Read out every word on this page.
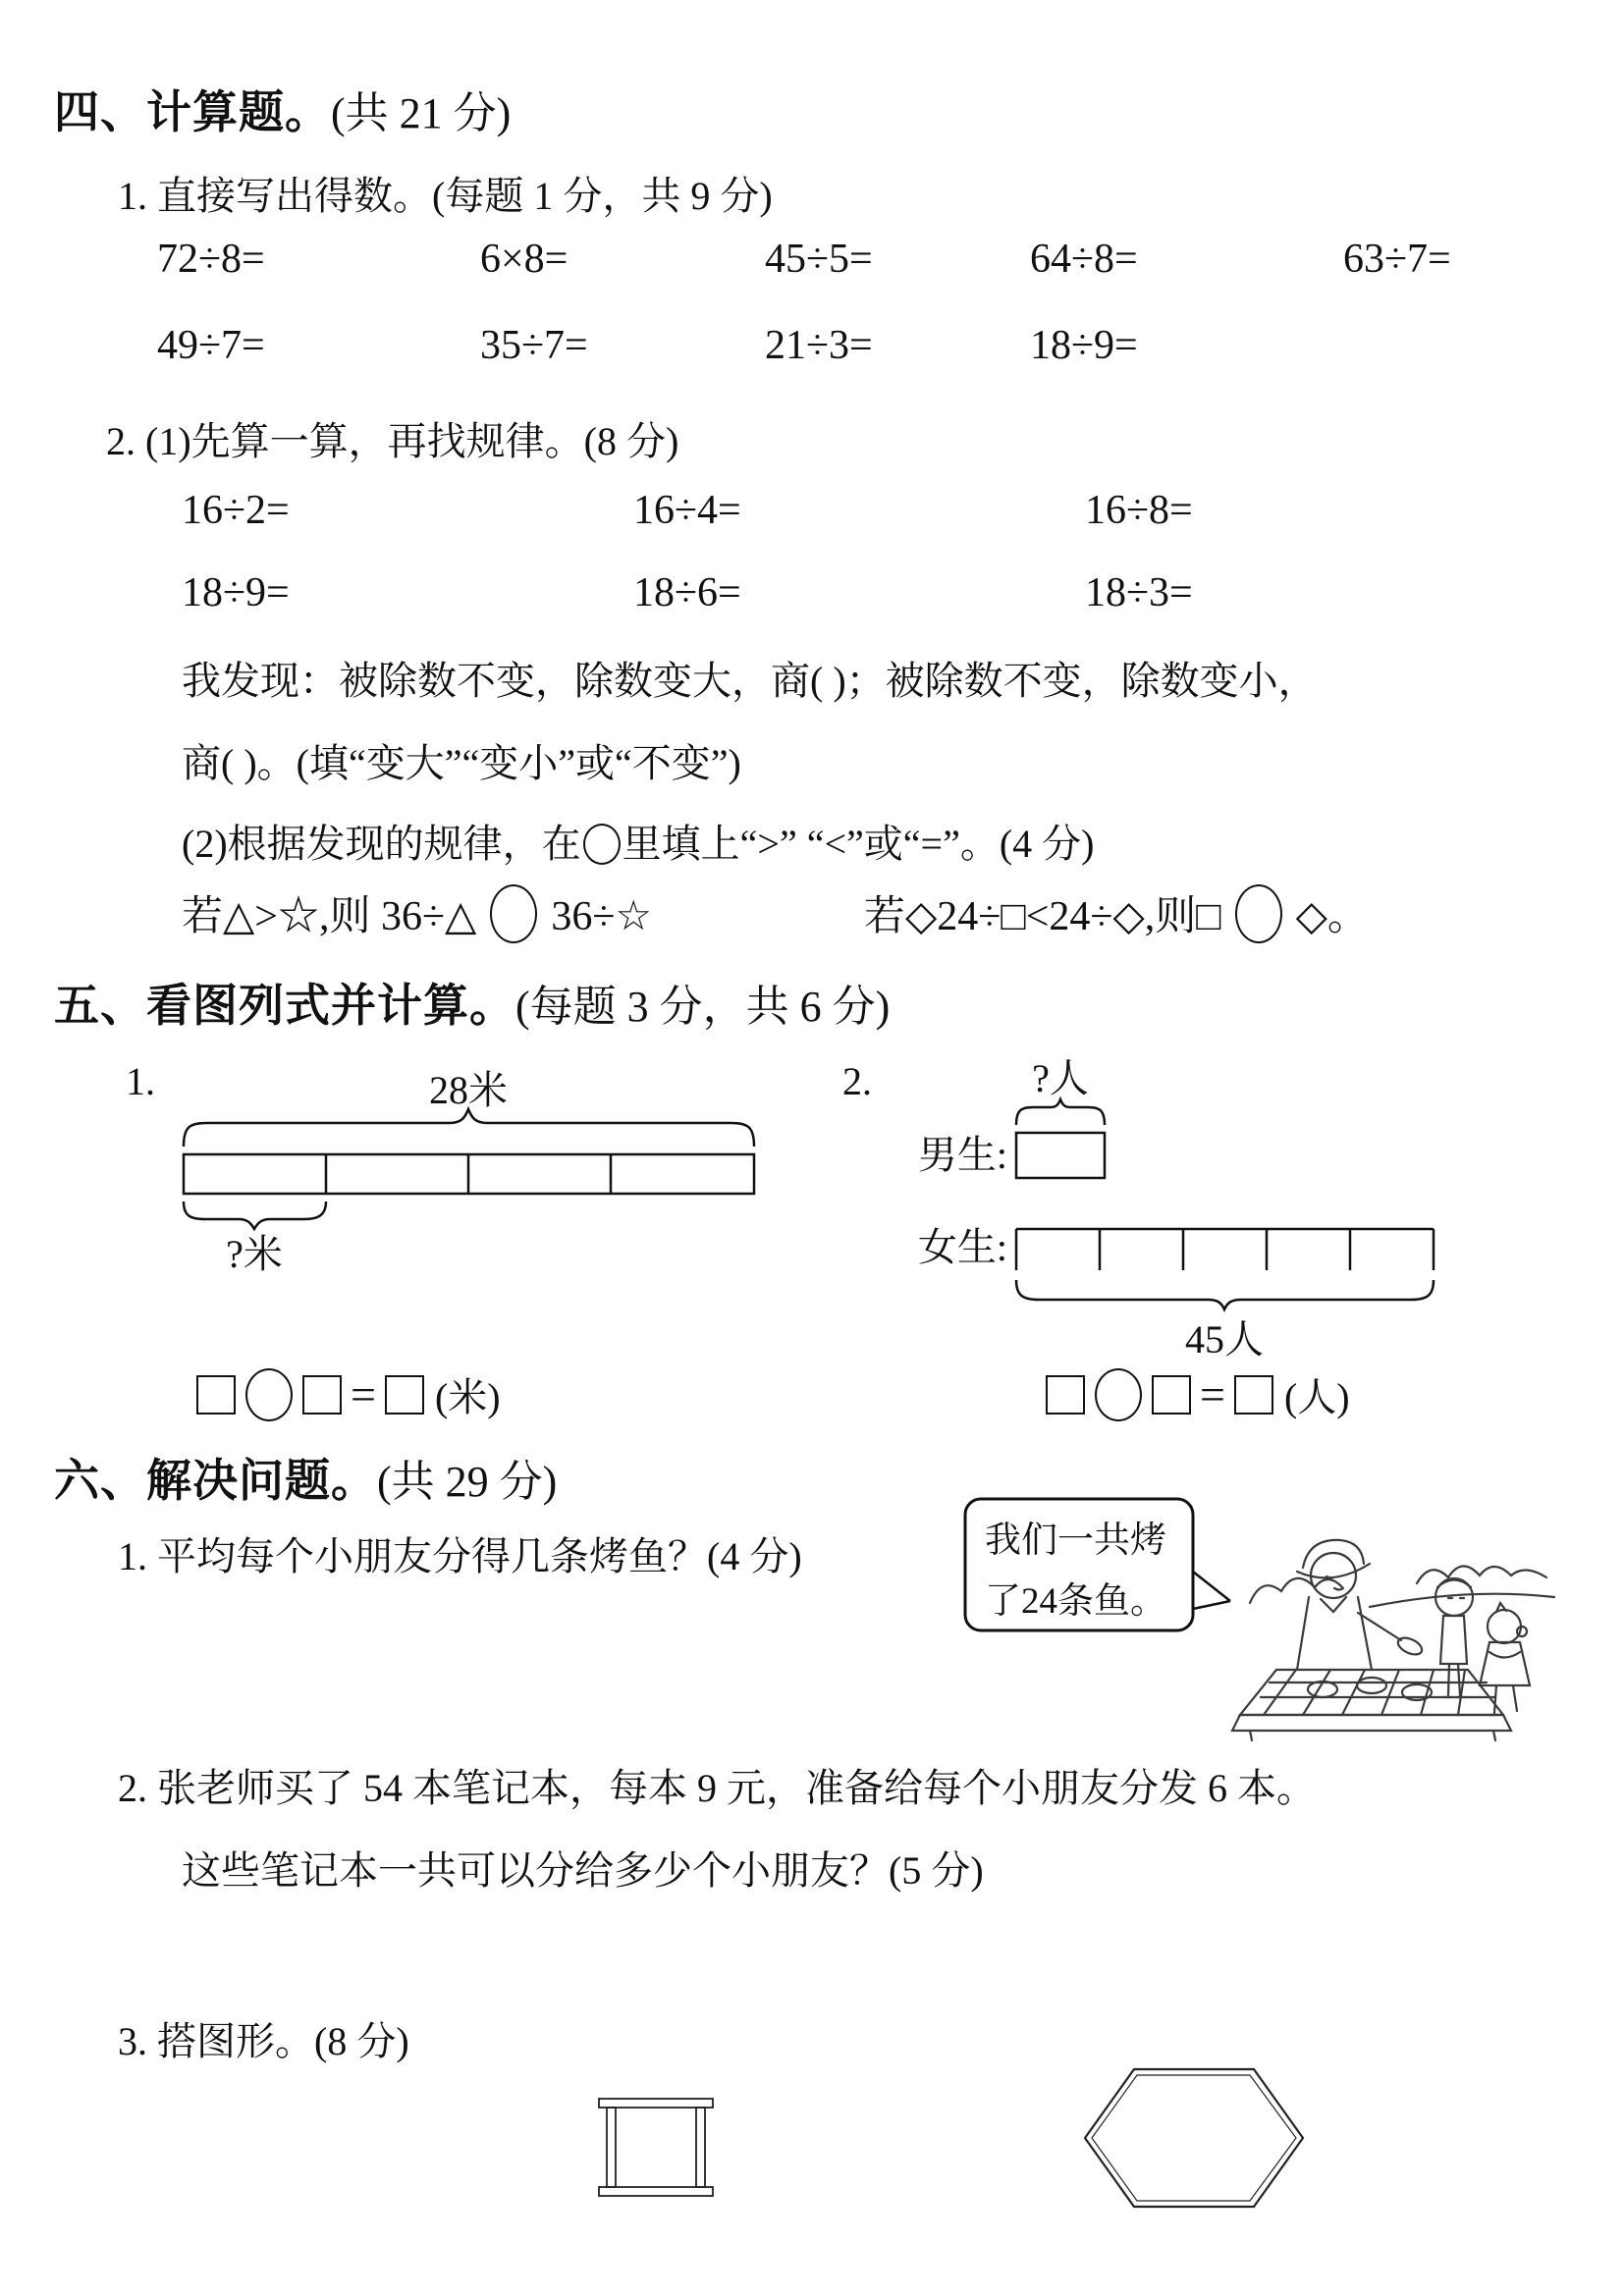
四、计算题。(共 21 分)
1. 直接写出得数。(每题 1 分，共 9 分)
72÷8=	6×8=	45÷5=	64÷8=	63÷7=
49÷7=	35÷7=	21÷3=	18÷9=
2. (1)先算一算，再找规律。(8 分)
16÷2=	16÷4=	16÷8=
18÷9=	18÷6=	18÷3=
我发现：被除数不变，除数变大，商( )；被除数不变，除数变小，
商( )。(填“变大”“变小”或“不变”)
(2)根据发现的规律，在 里填上“>” “<”或“=”。(4 分)
若△>☆,则 36÷△ 36÷☆	若◇24÷□<24÷◇,则□ ◇。
五、看图列式并计算。(每题 3 分，共 6 分)
1.	28米
?米
2.	?人
男生:
女生:
45人
= (米)	= (人)
六、解决问题。(共 29 分)
1. 平均每个小朋友分得几条烤鱼？(4 分)	我们一共烤
了24条鱼。
2. 张老师买了 54 本笔记本，每本 9 元，准备给每个小朋友分发 6 本。
这些笔记本一共可以分给多少个小朋友？(5 分)
3. 搭图形。(8 分)
